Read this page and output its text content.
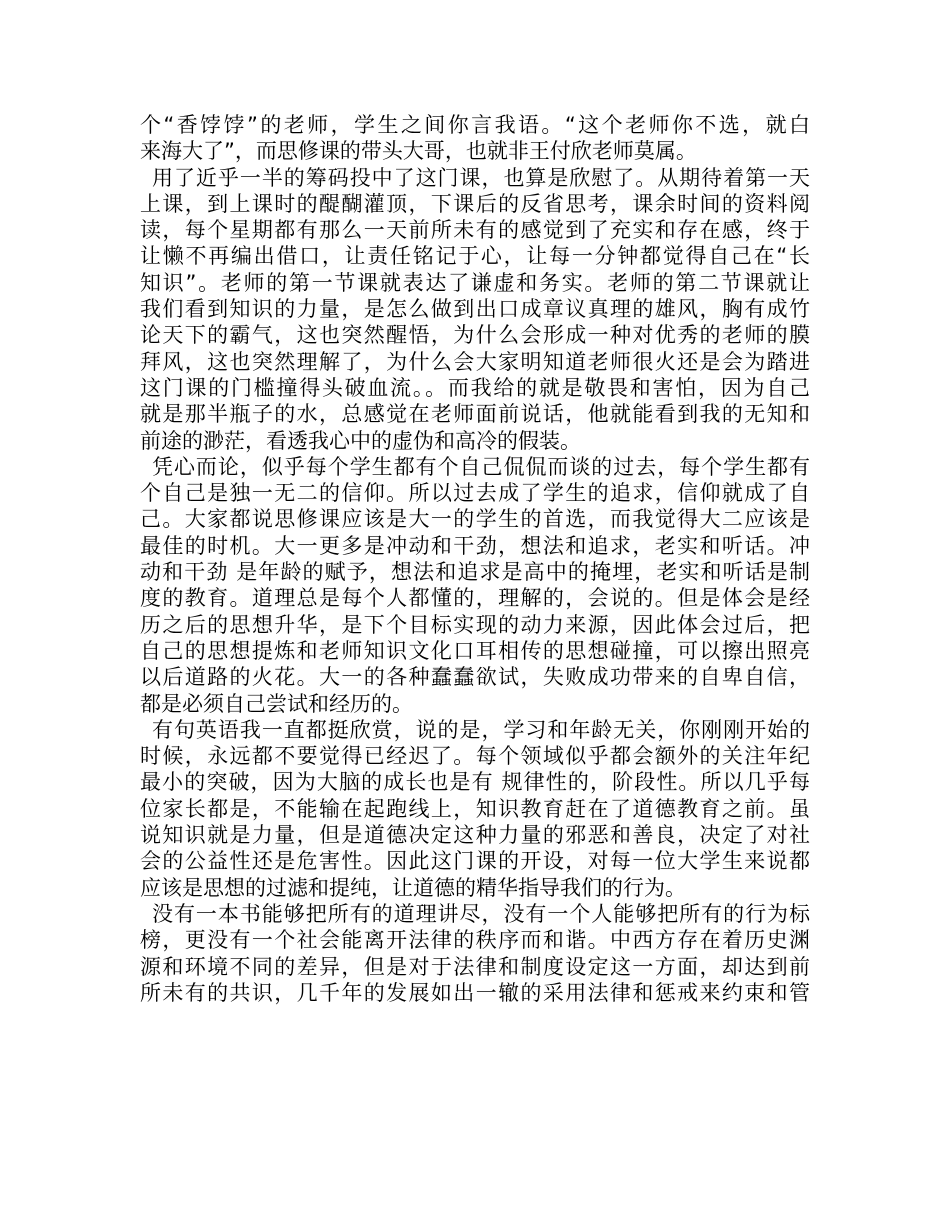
个“香饽饽”的老师，学生之间你言我语。“这个老师你不选，就白
来海大了”，而思修课的带头大哥，也就非王付欣老师莫属。
用了近乎一半的筹码投中了这门课，也算是欣慰了。从期待着第一天
上课，到上课时的醍醐灌顶，下课后的反省思考，课余时间的资料阅
读，每个星期都有那么一天前所未有的感觉到了充实和存在感，终于
让懒不再编出借口，让责任铭记于心，让每一分钟都觉得自己在“长
知识”。老师的第一节课就表达了谦虚和务实。老师的第二节课就让
我们看到知识的力量，是怎么做到出口成章议真理的雄风，胸有成竹
论天下的霸气，这也突然醒悟，为什么会形成一种对优秀的老师的膜
拜风，这也突然理解了，为什么会大家明知道老师很火还是会为踏进
这门课的门槛撞得头破血流。。而我给的就是敬畏和害怕，因为自己
就是那半瓶子的水，总感觉在老师面前说话，他就能看到我的无知和
前途的渺茫，看透我心中的虚伪和高冷的假装。
凭心而论，似乎每个学生都有个自己侃侃而谈的过去，每个学生都有
个自己是独一无二的信仰。所以过去成了学生的追求，信仰就成了自
己。大家都说思修课应该是大一的学生的首选，而我觉得大二应该是
最佳的时机。大一更多是冲动和干劲，想法和追求，老实和听话。冲
动和干劲 是年龄的赋予，想法和追求是高中的掩埋，老实和听话是制
度的教育。道理总是每个人都懂的，理解的，会说的。但是体会是经
历之后的思想升华，是下个目标实现的动力来源，因此体会过后，把
自己的思想提炼和老师知识文化口耳相传的思想碰撞，可以擦出照亮
以后道路的火花。大一的各种蠢蠢欲试，失败成功带来的自卑自信，
都是必须自己尝试和经历的。
有句英语我一直都挺欣赏，说的是，学习和年龄无关，你刚刚开始的
时候，永远都不要觉得已经迟了。每个领域似乎都会额外的关注年纪
最小的突破，因为大脑的成长也是有 规律性的，阶段性。所以几乎每
位家长都是，不能输在起跑线上，知识教育赶在了道德教育之前。虽
说知识就是力量，但是道德决定这种力量的邪恶和善良，决定了对社
会的公益性还是危害性。因此这门课的开设，对每一位大学生来说都
应该是思想的过滤和提纯，让道德的精华指导我们的行为。
没有一本书能够把所有的道理讲尽，没有一个人能够把所有的行为标
榜，更没有一个社会能离开法律的秩序而和谐。中西方存在着历史渊
源和环境不同的差异，但是对于法律和制度设定这一方面，却达到前
所未有的共识，几千年的发展如出一辙的采用法律和惩戒来约束和管
